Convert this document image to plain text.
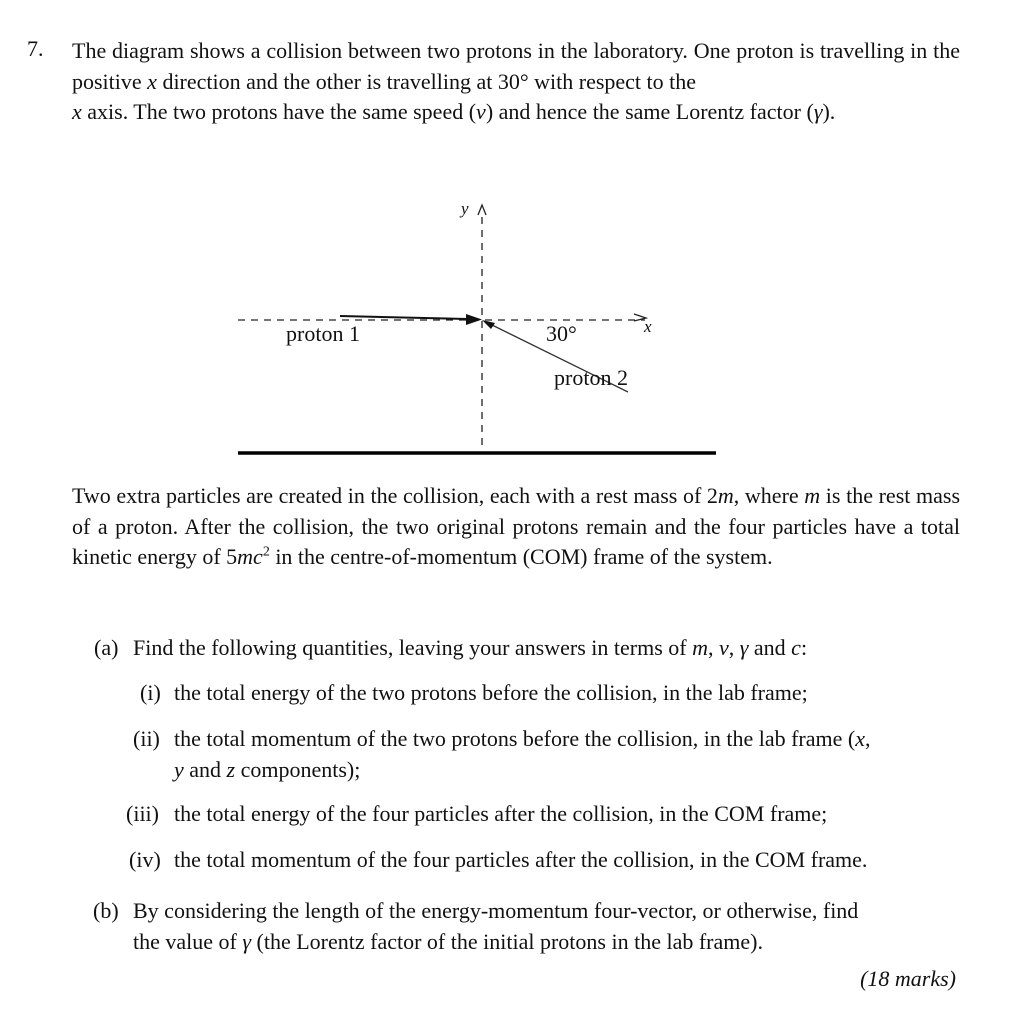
7. The diagram shows a collision between two protons in the laboratory. One proton is travelling in the positive x direction and the other is travelling at 30° with respect to the
x axis. The two protons have the same speed (v) and hence the same Lorentz factor (γ).
y
x
proton 1	30°
proton 2
Two extra particles are created in the collision, each with a rest mass of 2m, where m is the rest mass of a proton. After the collision, the two original protons remain and the four particles have a total kinetic energy of $5mc^2$ in the centre-of-momentum (COM) frame of the system.
(a) Find the following quantities, leaving your answers in terms of m, v, γ and c:
(i) the total energy of the two protons before the collision, in the lab frame;
(ii) the total momentum of the two protons before the collision, in the lab frame (x,
y and z components);
(iii) the total energy of the four particles after the collision, in the COM frame;
(iv) the total momentum of the four particles after the collision, in the COM frame.
(b) By considering the length of the energy-momentum four-vector, or otherwise, find
the value of γ (the Lorentz factor of the initial protons in the lab frame).
(18 marks)
